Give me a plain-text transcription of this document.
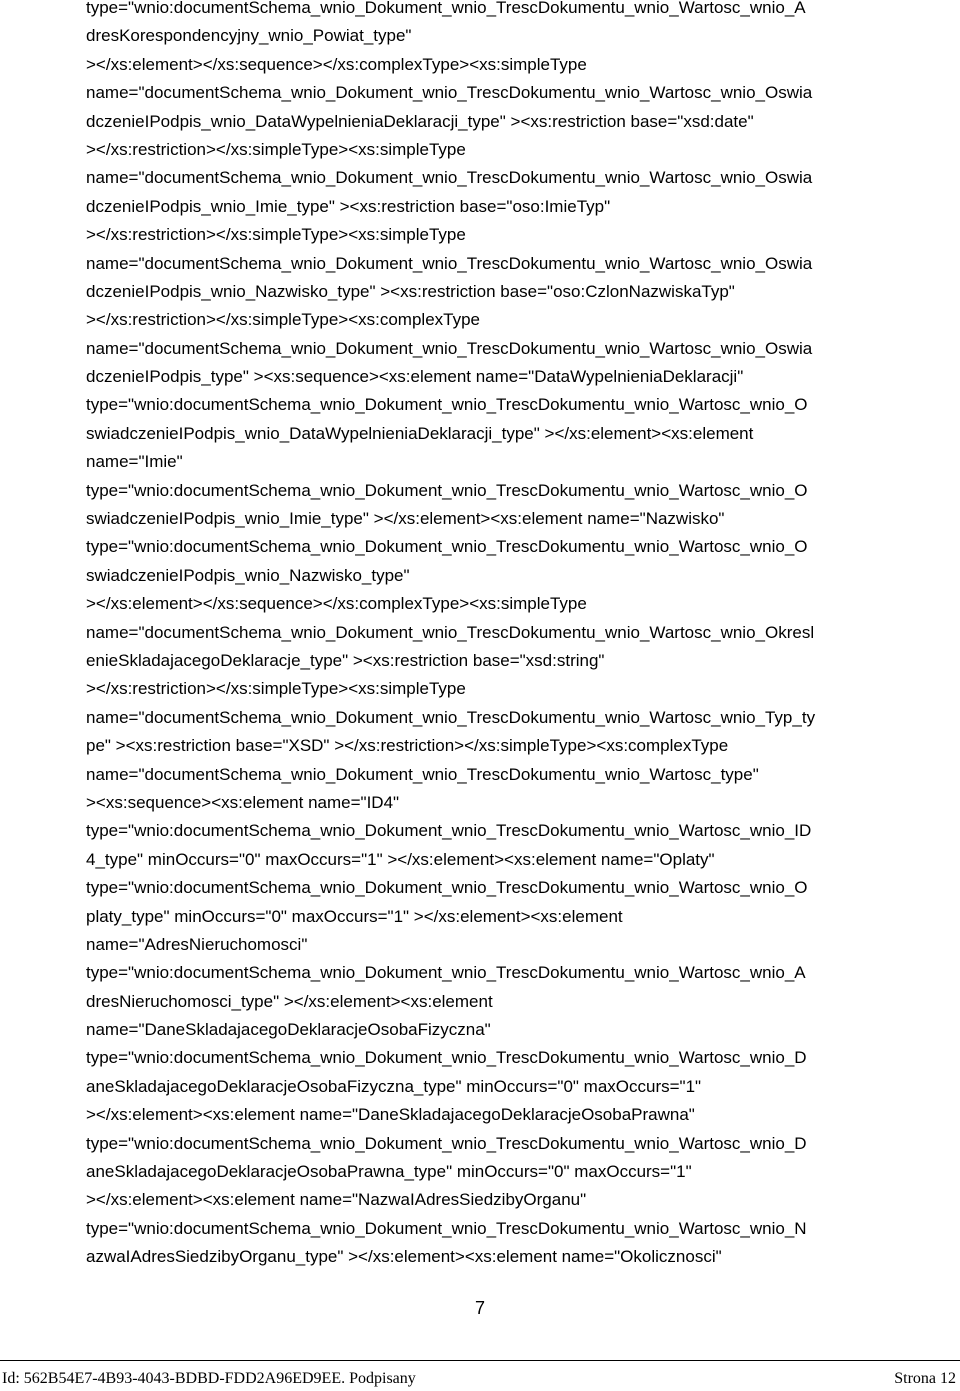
type="wnio:documentSchema_wnio_Dokument_wnio_TrescDokumentu_wnio_Wartosc_wnio_A
dresKorespondencyjny_wnio_Powiat_type"
></xs:element></xs:sequence></xs:complexType><xs:simpleType
name="documentSchema_wnio_Dokument_wnio_TrescDokumentu_wnio_Wartosc_wnio_Oswia
dczenieIPodpis_wnio_DataWypelnieniaDeklaracji_type" ><xs:restriction base="xsd:date"
></xs:restriction></xs:simpleType><xs:simpleType
name="documentSchema_wnio_Dokument_wnio_TrescDokumentu_wnio_Wartosc_wnio_Oswia
dczenieIPodpis_wnio_Imie_type" ><xs:restriction base="oso:ImieTyp"
></xs:restriction></xs:simpleType><xs:simpleType
name="documentSchema_wnio_Dokument_wnio_TrescDokumentu_wnio_Wartosc_wnio_Oswia
dczenieIPodpis_wnio_Nazwisko_type" ><xs:restriction base="oso:CzlonNazwiskaTyp"
></xs:restriction></xs:simpleType><xs:complexType
name="documentSchema_wnio_Dokument_wnio_TrescDokumentu_wnio_Wartosc_wnio_Oswia
dczenieIPodpis_type" ><xs:sequence><xs:element name="DataWypelnieniaDeklaracji"
type="wnio:documentSchema_wnio_Dokument_wnio_TrescDokumentu_wnio_Wartosc_wnio_O
swiadczenieIPodpis_wnio_DataWypelnieniaDeklaracji_type" ></xs:element><xs:element
name="Imie"
type="wnio:documentSchema_wnio_Dokument_wnio_TrescDokumentu_wnio_Wartosc_wnio_O
swiadczenieIPodpis_wnio_Imie_type" ></xs:element><xs:element name="Nazwisko"
type="wnio:documentSchema_wnio_Dokument_wnio_TrescDokumentu_wnio_Wartosc_wnio_O
swiadczenieIPodpis_wnio_Nazwisko_type"
></xs:element></xs:sequence></xs:complexType><xs:simpleType
name="documentSchema_wnio_Dokument_wnio_TrescDokumentu_wnio_Wartosc_wnio_Okresl
enieSkladajacegoDeklaracje_type" ><xs:restriction base="xsd:string"
></xs:restriction></xs:simpleType><xs:simpleType
name="documentSchema_wnio_Dokument_wnio_TrescDokumentu_wnio_Wartosc_wnio_Typ_ty
pe" ><xs:restriction base="XSD" ></xs:restriction></xs:simpleType><xs:complexType
name="documentSchema_wnio_Dokument_wnio_TrescDokumentu_wnio_Wartosc_type"
><xs:sequence><xs:element name="ID4"
type="wnio:documentSchema_wnio_Dokument_wnio_TrescDokumentu_wnio_Wartosc_wnio_ID
4_type" minOccurs="0" maxOccurs="1" ></xs:element><xs:element name="Oplaty"
type="wnio:documentSchema_wnio_Dokument_wnio_TrescDokumentu_wnio_Wartosc_wnio_O
platy_type" minOccurs="0" maxOccurs="1" ></xs:element><xs:element
name="AdresNieruchomosci"
type="wnio:documentSchema_wnio_Dokument_wnio_TrescDokumentu_wnio_Wartosc_wnio_A
dresNieruchomosci_type" ></xs:element><xs:element
name="DaneSkladajacegoDeklaracjeOsobaFizyczna"
type="wnio:documentSchema_wnio_Dokument_wnio_TrescDokumentu_wnio_Wartosc_wnio_D
aneSkladajacegoDeklaracjeOsobaFizyczna_type" minOccurs="0" maxOccurs="1"
></xs:element><xs:element name="DaneSkladajacegoDeklaracjeOsobaPrawna"
type="wnio:documentSchema_wnio_Dokument_wnio_TrescDokumentu_wnio_Wartosc_wnio_D
aneSkladajacegoDeklaracjeOsobaPrawna_type" minOccurs="0" maxOccurs="1"
></xs:element><xs:element name="NazwaIAdresSiedzibyOrganu"
type="wnio:documentSchema_wnio_Dokument_wnio_TrescDokumentu_wnio_Wartosc_wnio_N
azwaIAdresSiedzibyOrganu_type" ></xs:element><xs:element name="Okolicznosci"
7
Id: 562B54E7-4B93-4043-BDBD-FDD2A96ED9EE. Podpisany	Strona 12
